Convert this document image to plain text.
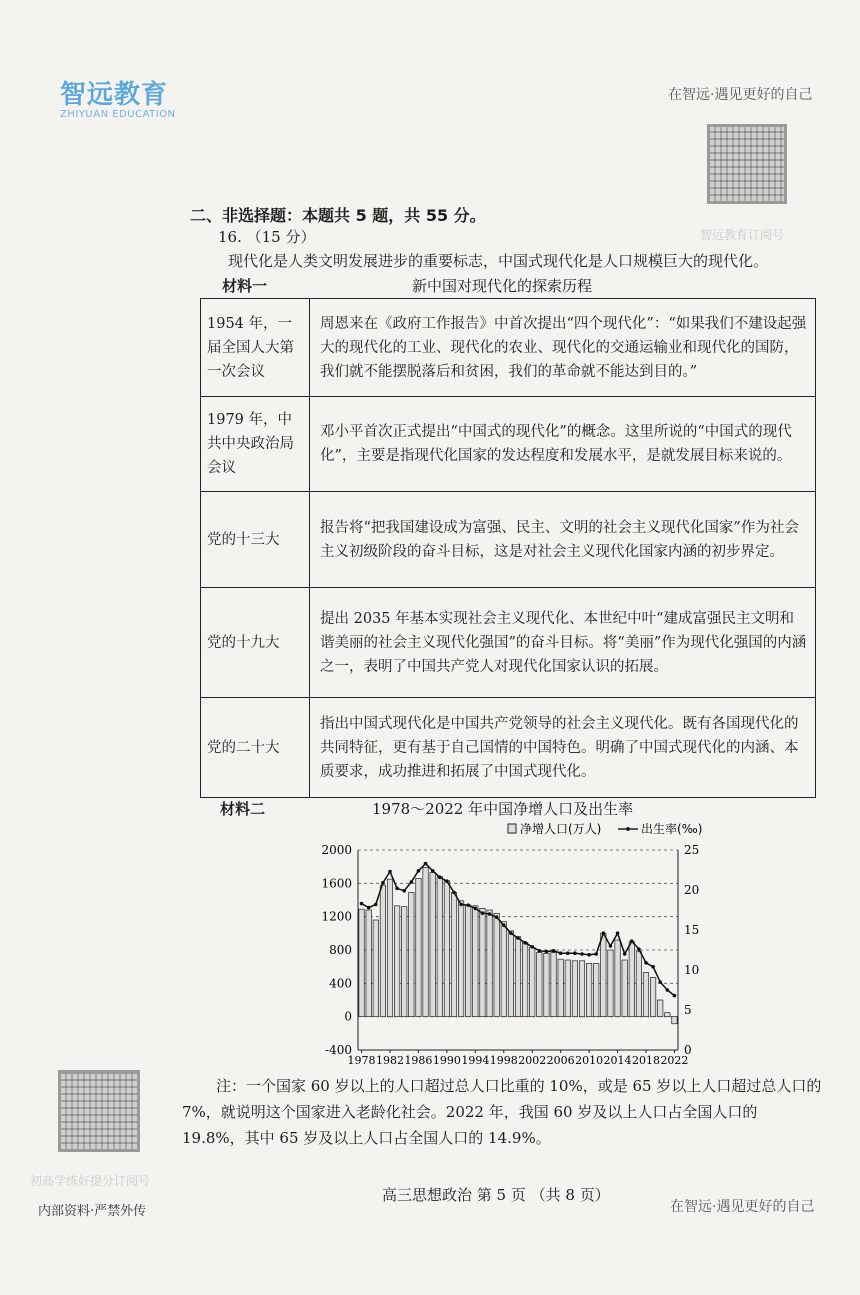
智远教育
ZHIYUAN EDUCATION
在智远·遇见更好的自己
智远教育订阅号
二、非选择题：本题共 5 题，共 55 分。
16. （15 分）
现代化是人类文明发展进步的重要标志，中国式现代化是人口规模巨大的现代化。
材料一	新中国对现代化的探索历程
1954 年，一届全国人大第一次会议	周恩来在《政府工作报告》中首次提出“四个现代化”：“如果我们不建设起强大的现代化的工业、现代化的农业、现代化的交通运输业和现代化的国防，我们就不能摆脱落后和贫困，我们的革命就不能达到目的。”
1979 年，中共中央政治局会议	邓小平首次正式提出“中国式的现代化”的概念。这里所说的“中国式的现代化”，主要是指现代化国家的发达程度和发展水平，是就发展目标来说的。
党的十三大	报告将“把我国建设成为富强、民主、文明的社会主义现代化国家”作为社会主义初级阶段的奋斗目标，这是对社会主义现代化国家内涵的初步界定。
党的十九大	提出 2035 年基本实现社会主义现代化、本世纪中叶“建成富强民主文明和谐美丽的社会主义现代化强国”的奋斗目标。将“美丽”作为现代化强国的内涵之一，表明了中国共产党人对现代化国家认识的拓展。
党的二十大	指出中国式现代化是中国共产党领导的社会主义现代化。既有各国现代化的共同特征，更有基于自己国情的中国特色。明确了中国式现代化的内涵、本质要求，成功推进和拓展了中国式现代化。
材料二	1978～2022 年中国净增人口及出生率
净增人口(万人)	出生率(‰)
-400
0
400
800
1200
1600
2000
0
5
10
15
20
25
1978 1982 1986 1990 1994 1998 2002 2006 2010 2014 2018 2022
注：一个国家 60 岁以上的人口超过总人口比重的 10%，或是 65 岁以上人口超过总人口的 7%，就说明这个国家进入老龄化社会。2022 年，我国 60 岁及以上人口占全国人口的 19.8%，其中 65 岁及以上人口占全国人口的 14.9%。
初高学练好提分订阅号
内部资料·严禁外传
高三思想政治 第 5 页 （共 8 页）
在智远·遇见更好的自己
